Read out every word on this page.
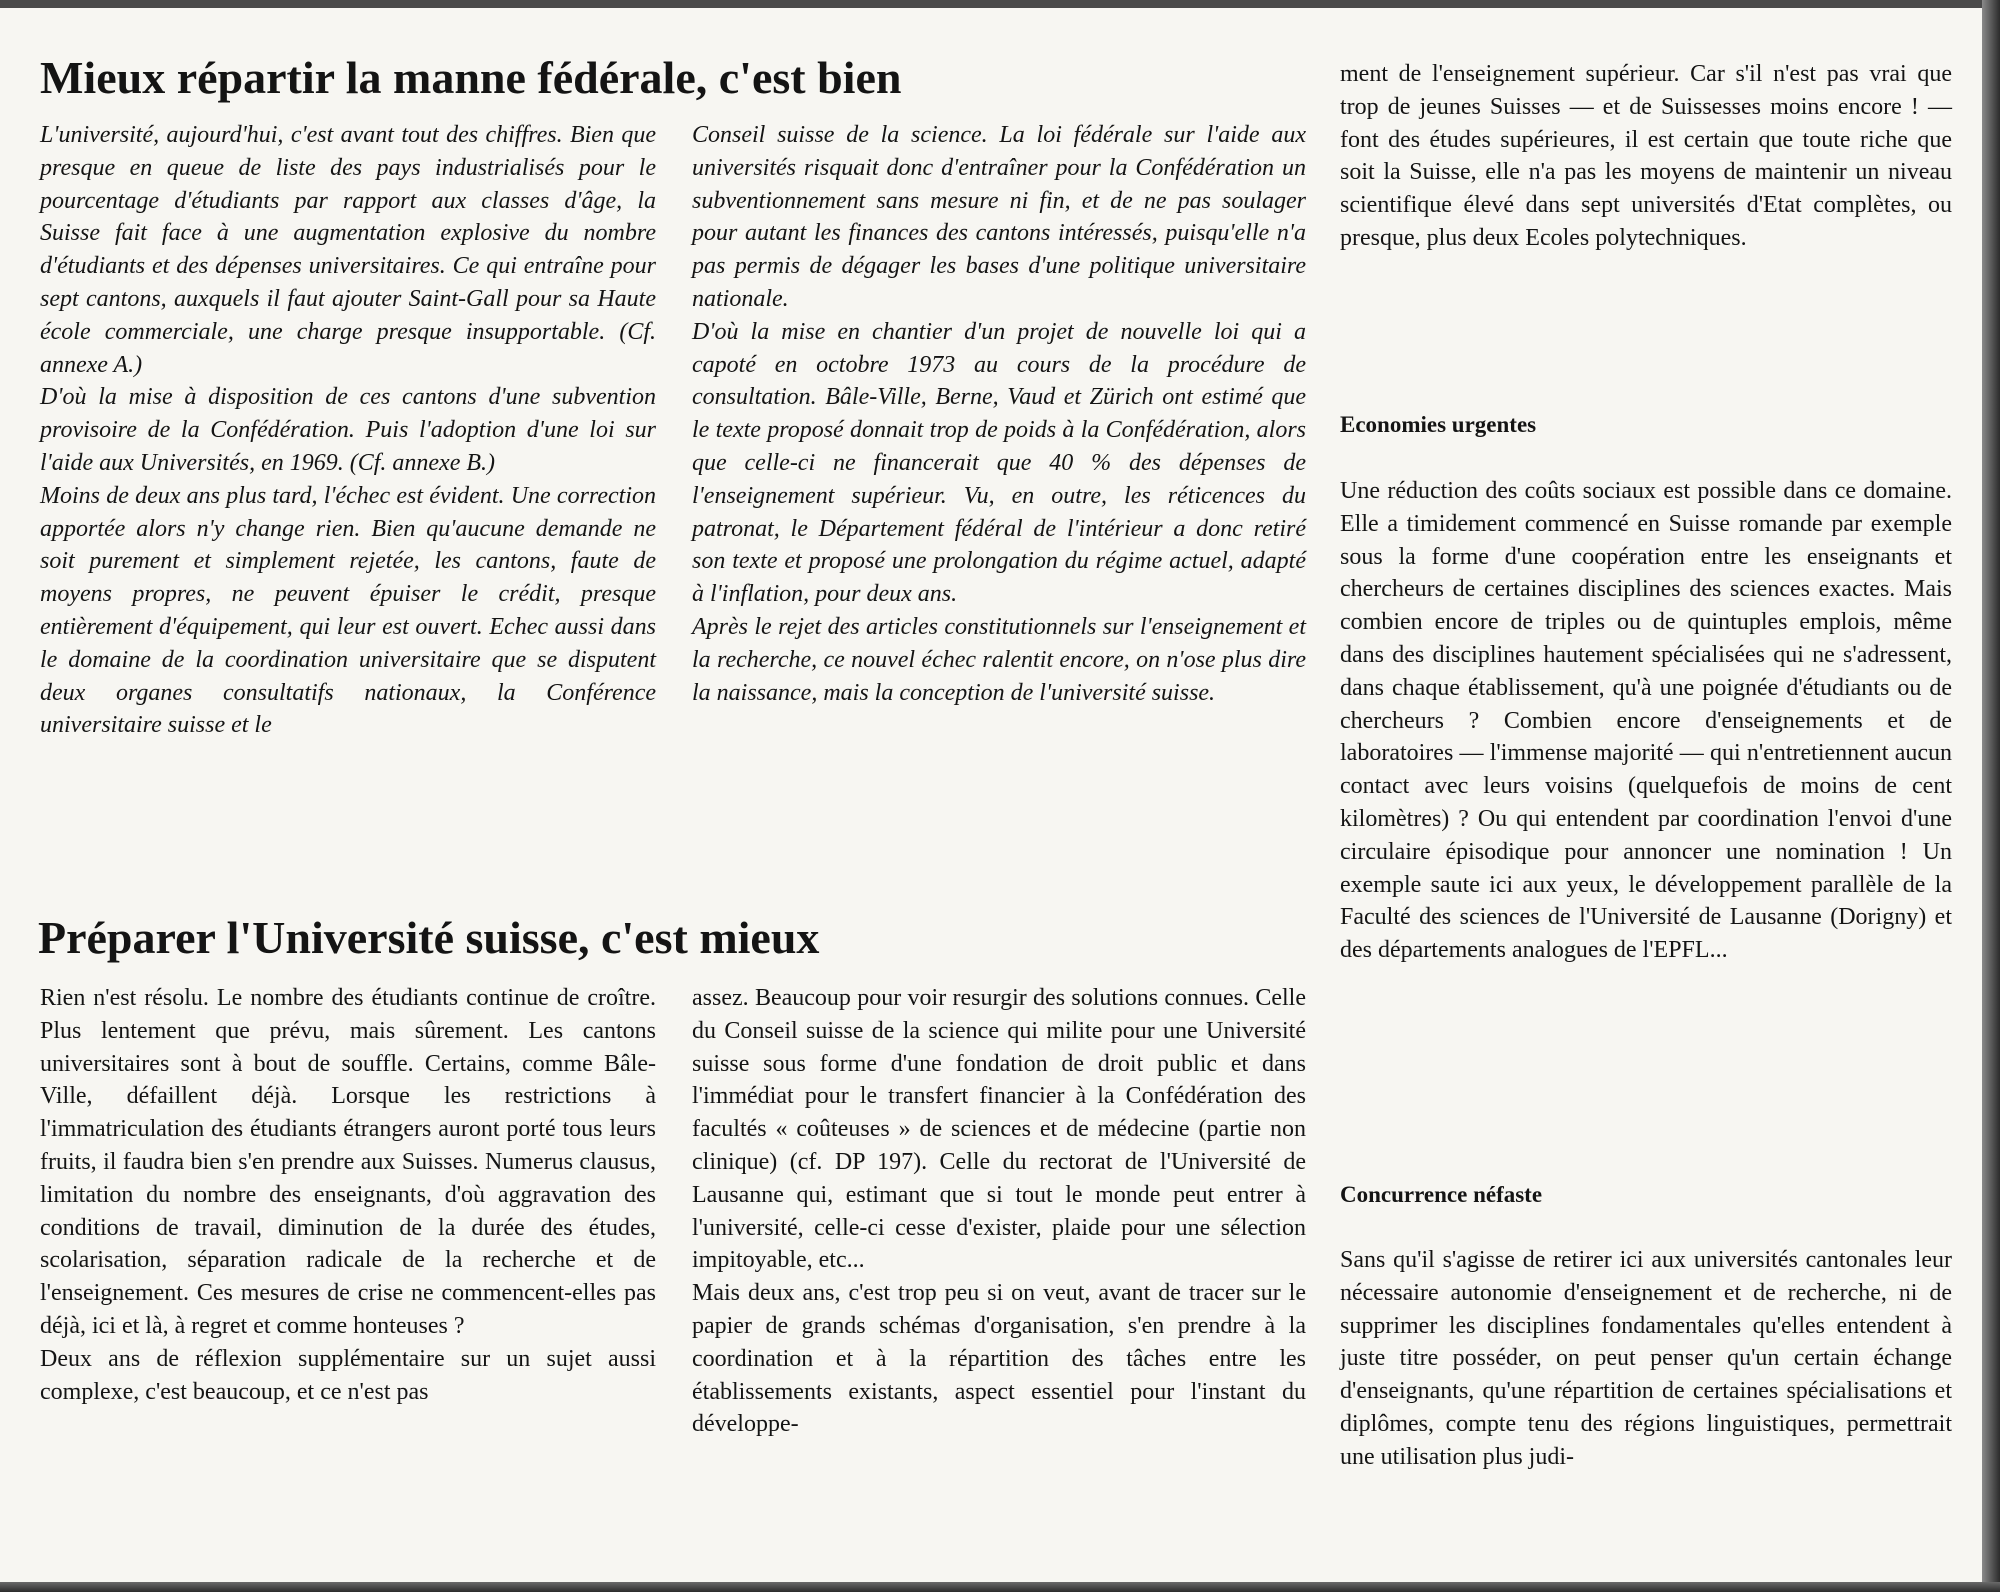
Mieux répartir la manne fédérale, c'est bien

L'université, aujourd'hui, c'est avant tout des chiffres. Bien que presque en queue de liste des pays industrialisés pour le pourcentage d'étudiants par rapport aux classes d'âge, la Suisse fait face à une augmentation explosive du nombre d'étudiants et des dépenses universitaires. Ce qui entraîne pour sept cantons, auxquels il faut ajouter Saint-Gall pour sa Haute école commerciale, une charge presque insupportable. (Cf. annexe A.)

D'où la mise à disposition de ces cantons d'une subvention provisoire de la Confédération. Puis l'adoption d'une loi sur l'aide aux Universités, en 1969. (Cf. annexe B.)

Moins de deux ans plus tard, l'échec est évident. Une correction apportée alors n'y change rien. Bien qu'aucune demande ne soit purement et simplement rejetée, les cantons, faute de moyens propres, ne peuvent épuiser le crédit, presque entièrement d'équipement, qui leur est ouvert. Echec aussi dans le domaine de la coordination universitaire que se disputent deux organes consultatifs nationaux, la Conférence universitaire suisse et le

Conseil suisse de la science. La loi fédérale sur l'aide aux universités risquait donc d'entraîner pour la Confédération un subventionnement sans mesure ni fin, et de ne pas soulager pour autant les finances des cantons intéressés, puisqu'elle n'a pas permis de dégager les bases d'une politique universitaire nationale.

D'où la mise en chantier d'un projet de nouvelle loi qui a capoté en octobre 1973 au cours de la procédure de consultation. Bâle-Ville, Berne, Vaud et Zürich ont estimé que le texte proposé donnait trop de poids à la Confédération, alors que celle-ci ne financerait que 40 % des dépenses de l'enseignement supérieur. Vu, en outre, les réticences du patronat, le Département fédéral de l'intérieur a donc retiré son texte et proposé une prolongation du régime actuel, adapté à l'inflation, pour deux ans.

Après le rejet des articles constitutionnels sur l'enseignement et la recherche, ce nouvel échec ralentit encore, on n'ose plus dire la naissance, mais la conception de l'université suisse.

Préparer l'Université suisse, c'est mieux

Rien n'est résolu. Le nombre des étudiants continue de croître. Plus lentement que prévu, mais sûrement. Les cantons universitaires sont à bout de souffle. Certains, comme Bâle-Ville, défaillent déjà. Lorsque les restrictions à l'immatriculation des étudiants étrangers auront porté tous leurs fruits, il faudra bien s'en prendre aux Suisses. Numerus clausus, limitation du nombre des enseignants, d'où aggravation des conditions de travail, diminution de la durée des études, scolarisation, séparation radicale de la recherche et de l'enseignement. Ces mesures de crise ne commencent-elles pas déjà, ici et là, à regret et comme honteuses ?

Deux ans de réflexion supplémentaire sur un sujet aussi complexe, c'est beaucoup, et ce n'est pas

assez. Beaucoup pour voir resurgir des solutions connues. Celle du Conseil suisse de la science qui milite pour une Université suisse sous forme d'une fondation de droit public et dans l'immédiat pour le transfert financier à la Confédération des facultés « coûteuses » de sciences et de médecine (partie non clinique) (cf. DP 197). Celle du rectorat de l'Université de Lausanne qui, estimant que si tout le monde peut entrer à l'université, celle-ci cesse d'exister, plaide pour une sélection impitoyable, etc...

Mais deux ans, c'est trop peu si on veut, avant de tracer sur le papier de grands schémas d'organisation, s'en prendre à la coordination et à la répartition des tâches entre les établissements existants, aspect essentiel pour l'instant du développe-

ment de l'enseignement supérieur. Car s'il n'est pas vrai que trop de jeunes Suisses — et de Suissesses moins encore ! — font des études supérieures, il est certain que toute riche que soit la Suisse, elle n'a pas les moyens de maintenir un niveau scientifique élevé dans sept universités d'Etat complètes, ou presque, plus deux Ecoles polytechniques.

Economies urgentes

Une réduction des coûts sociaux est possible dans ce domaine. Elle a timidement commencé en Suisse romande par exemple sous la forme d'une coopération entre les enseignants et chercheurs de certaines disciplines des sciences exactes. Mais combien encore de triples ou de quintuples emplois, même dans des disciplines hautement spécialisées qui ne s'adressent, dans chaque établissement, qu'à une poignée d'étudiants ou de chercheurs ? Combien encore d'enseignements et de laboratoires — l'immense majorité — qui n'entretiennent aucun contact avec leurs voisins (quelquefois de moins de cent kilomètres) ? Ou qui entendent par coordination l'envoi d'une circulaire épisodique pour annoncer une nomination ! Un exemple saute ici aux yeux, le développement parallèle de la Faculté des sciences de l'Université de Lausanne (Dorigny) et des départements analogues de l'EPFL...

Concurrence néfaste

Sans qu'il s'agisse de retirer ici aux universités cantonales leur nécessaire autonomie d'enseignement et de recherche, ni de supprimer les disciplines fondamentales qu'elles entendent à juste titre posséder, on peut penser qu'un certain échange d'enseignants, qu'une répartition de certaines spécialisations et diplômes, compte tenu des régions linguistiques, permettrait une utilisation plus judi-
